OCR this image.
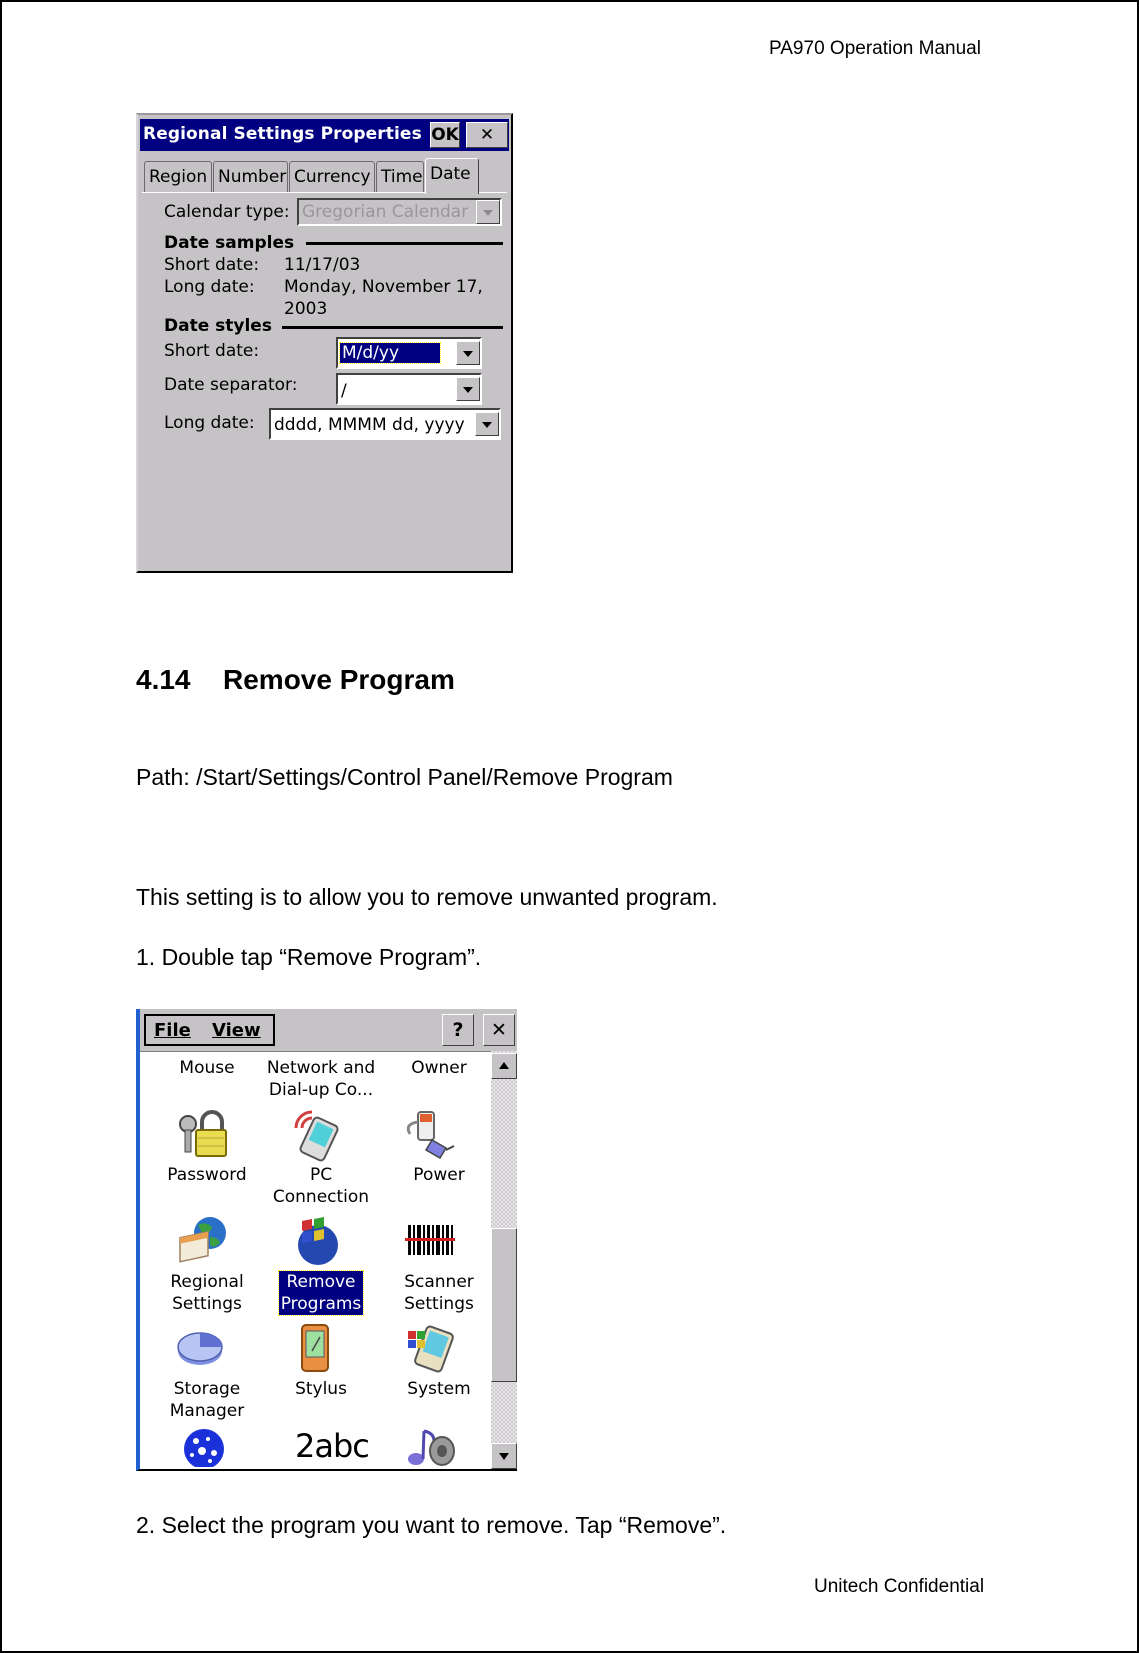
PA970 Operation Manual
Regional Settings Properties OK	✕
Region Number Currency Time Date
Calendar type: Gregorian Calendar
Date samples
Short date: 11/17/03
Long date: Monday, November 17,
2003
Date styles
Short date:	M/d/yy
Date separator:	/
Long date: dddd, MMMM dd, yyyy
4.14 Remove Program
Path: /Start/Settings/Control Panel/Remove Program
This setting is to allow you to remove unwanted program.
1. Double tap “Remove Program”.
File View	?	✕
Mouse	Network and
Dial-up Co...
Owner
Password	PC
Connection
Power
Regional
Settings
Remove
Programs
Scanner
Settings
Storage
Manager
Stylus	System
2abc
2. Select the program you want to remove. Tap “Remove”.
Unitech Confidential
